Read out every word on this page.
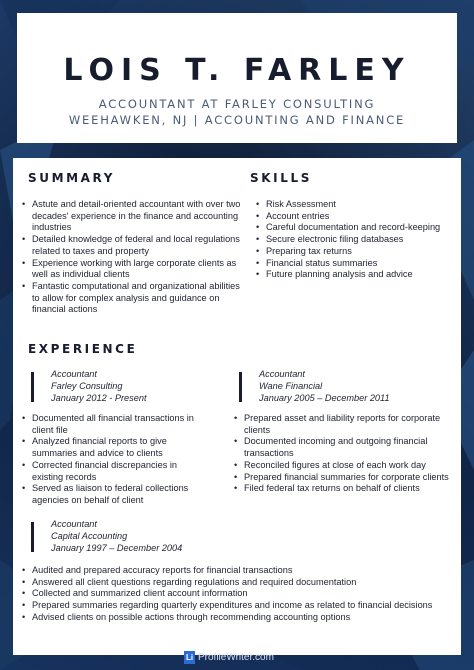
LOIS T. FARLEY
ACCOUNTANT AT FARLEY CONSULTING
WEEHAWKEN, NJ | ACCOUNTING AND FINANCE
SUMMARY
• Astute and detail-oriented accountant with over two decades' experience in the finance and accounting industries
• Detailed knowledge of federal and local regulations related to taxes and property
• Experience working with large corporate clients as well as individual clients
• Fantastic computational and organizational abilities to allow for complex analysis and guidance on financial actions
SKILLS
• Risk Assessment
• Account entries
• Careful documentation and record-keeping
• Secure electronic filing databases
• Preparing tax returns
• Financial status summaries
• Future planning analysis and advice
EXPERIENCE
Accountant
Farley Consulting
January 2012 - Present
• Documented all financial transactions in client file
• Analyzed financial reports to give summaries and advice to clients
• Corrected financial discrepancies in existing records
• Served as liaison to federal collections agencies on behalf of client
Accountant
Wane Financial
January 2005 – December 2011
• Prepared asset and liability reports for corporate clients
• Documented incoming and outgoing financial transactions
• Reconciled figures at close of each work day
• Prepared financial summaries for corporate clients
• Filed federal tax returns on behalf of clients
Accountant
Capital Accounting
January 1997 – December 2004
• Audited and prepared accuracy reports for financial transactions
• Answered all client questions regarding regulations and required documentation
• Collected and summarized client account information
• Prepared summaries regarding quarterly expenditures and income as related to financial decisions
• Advised clients on possible actions through recommending accounting options
Li ProfileWriter.com
